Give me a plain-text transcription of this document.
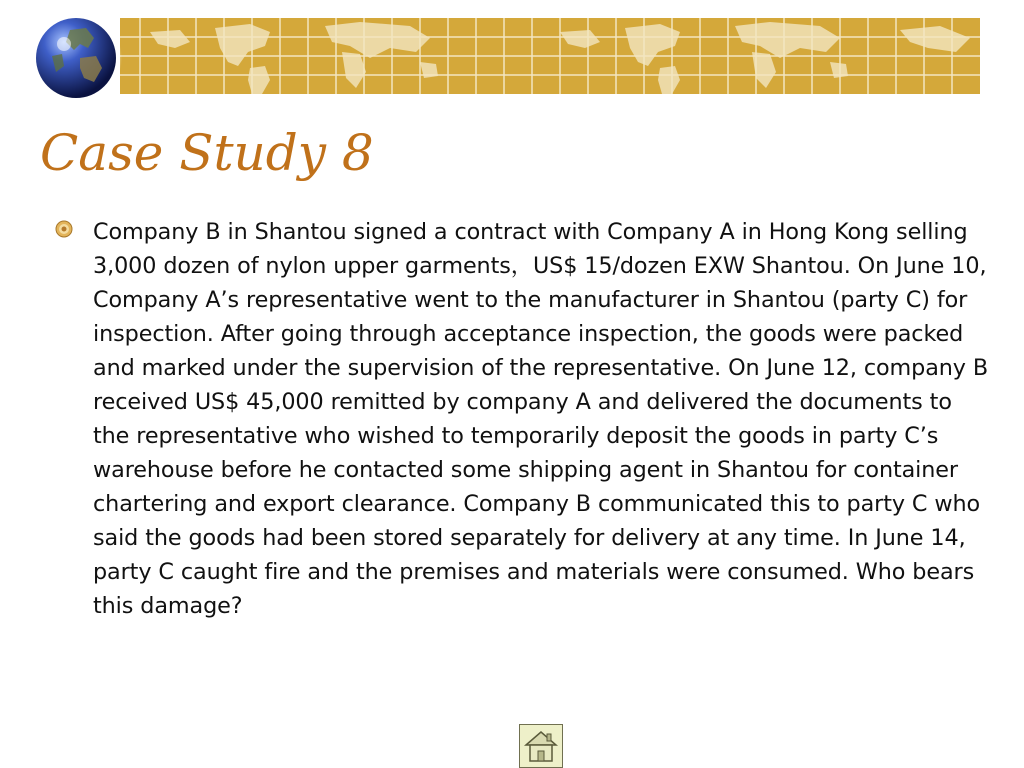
Case Study 8

Company B in Shantou signed a contract with Company A in Hong Kong selling 3,000 dozen of nylon upper garments，US$ 15/dozen EXW Shantou. On June 10, Company A’s representative went to the manufacturer in Shantou (party C) for inspection. After going through acceptance inspection, the goods were packed and marked under the supervision of the representative. On June 12, company B received US$ 45,000 remitted by company A and delivered the documents to the representative who wished to temporarily deposit the goods in party C’s warehouse before he contacted some shipping agent in Shantou for container chartering and export clearance. Company B communicated this to party C who said the goods had been stored separately for delivery at any time. In June 14, party C caught fire and the premises and materials were consumed. Who bears this damage?
